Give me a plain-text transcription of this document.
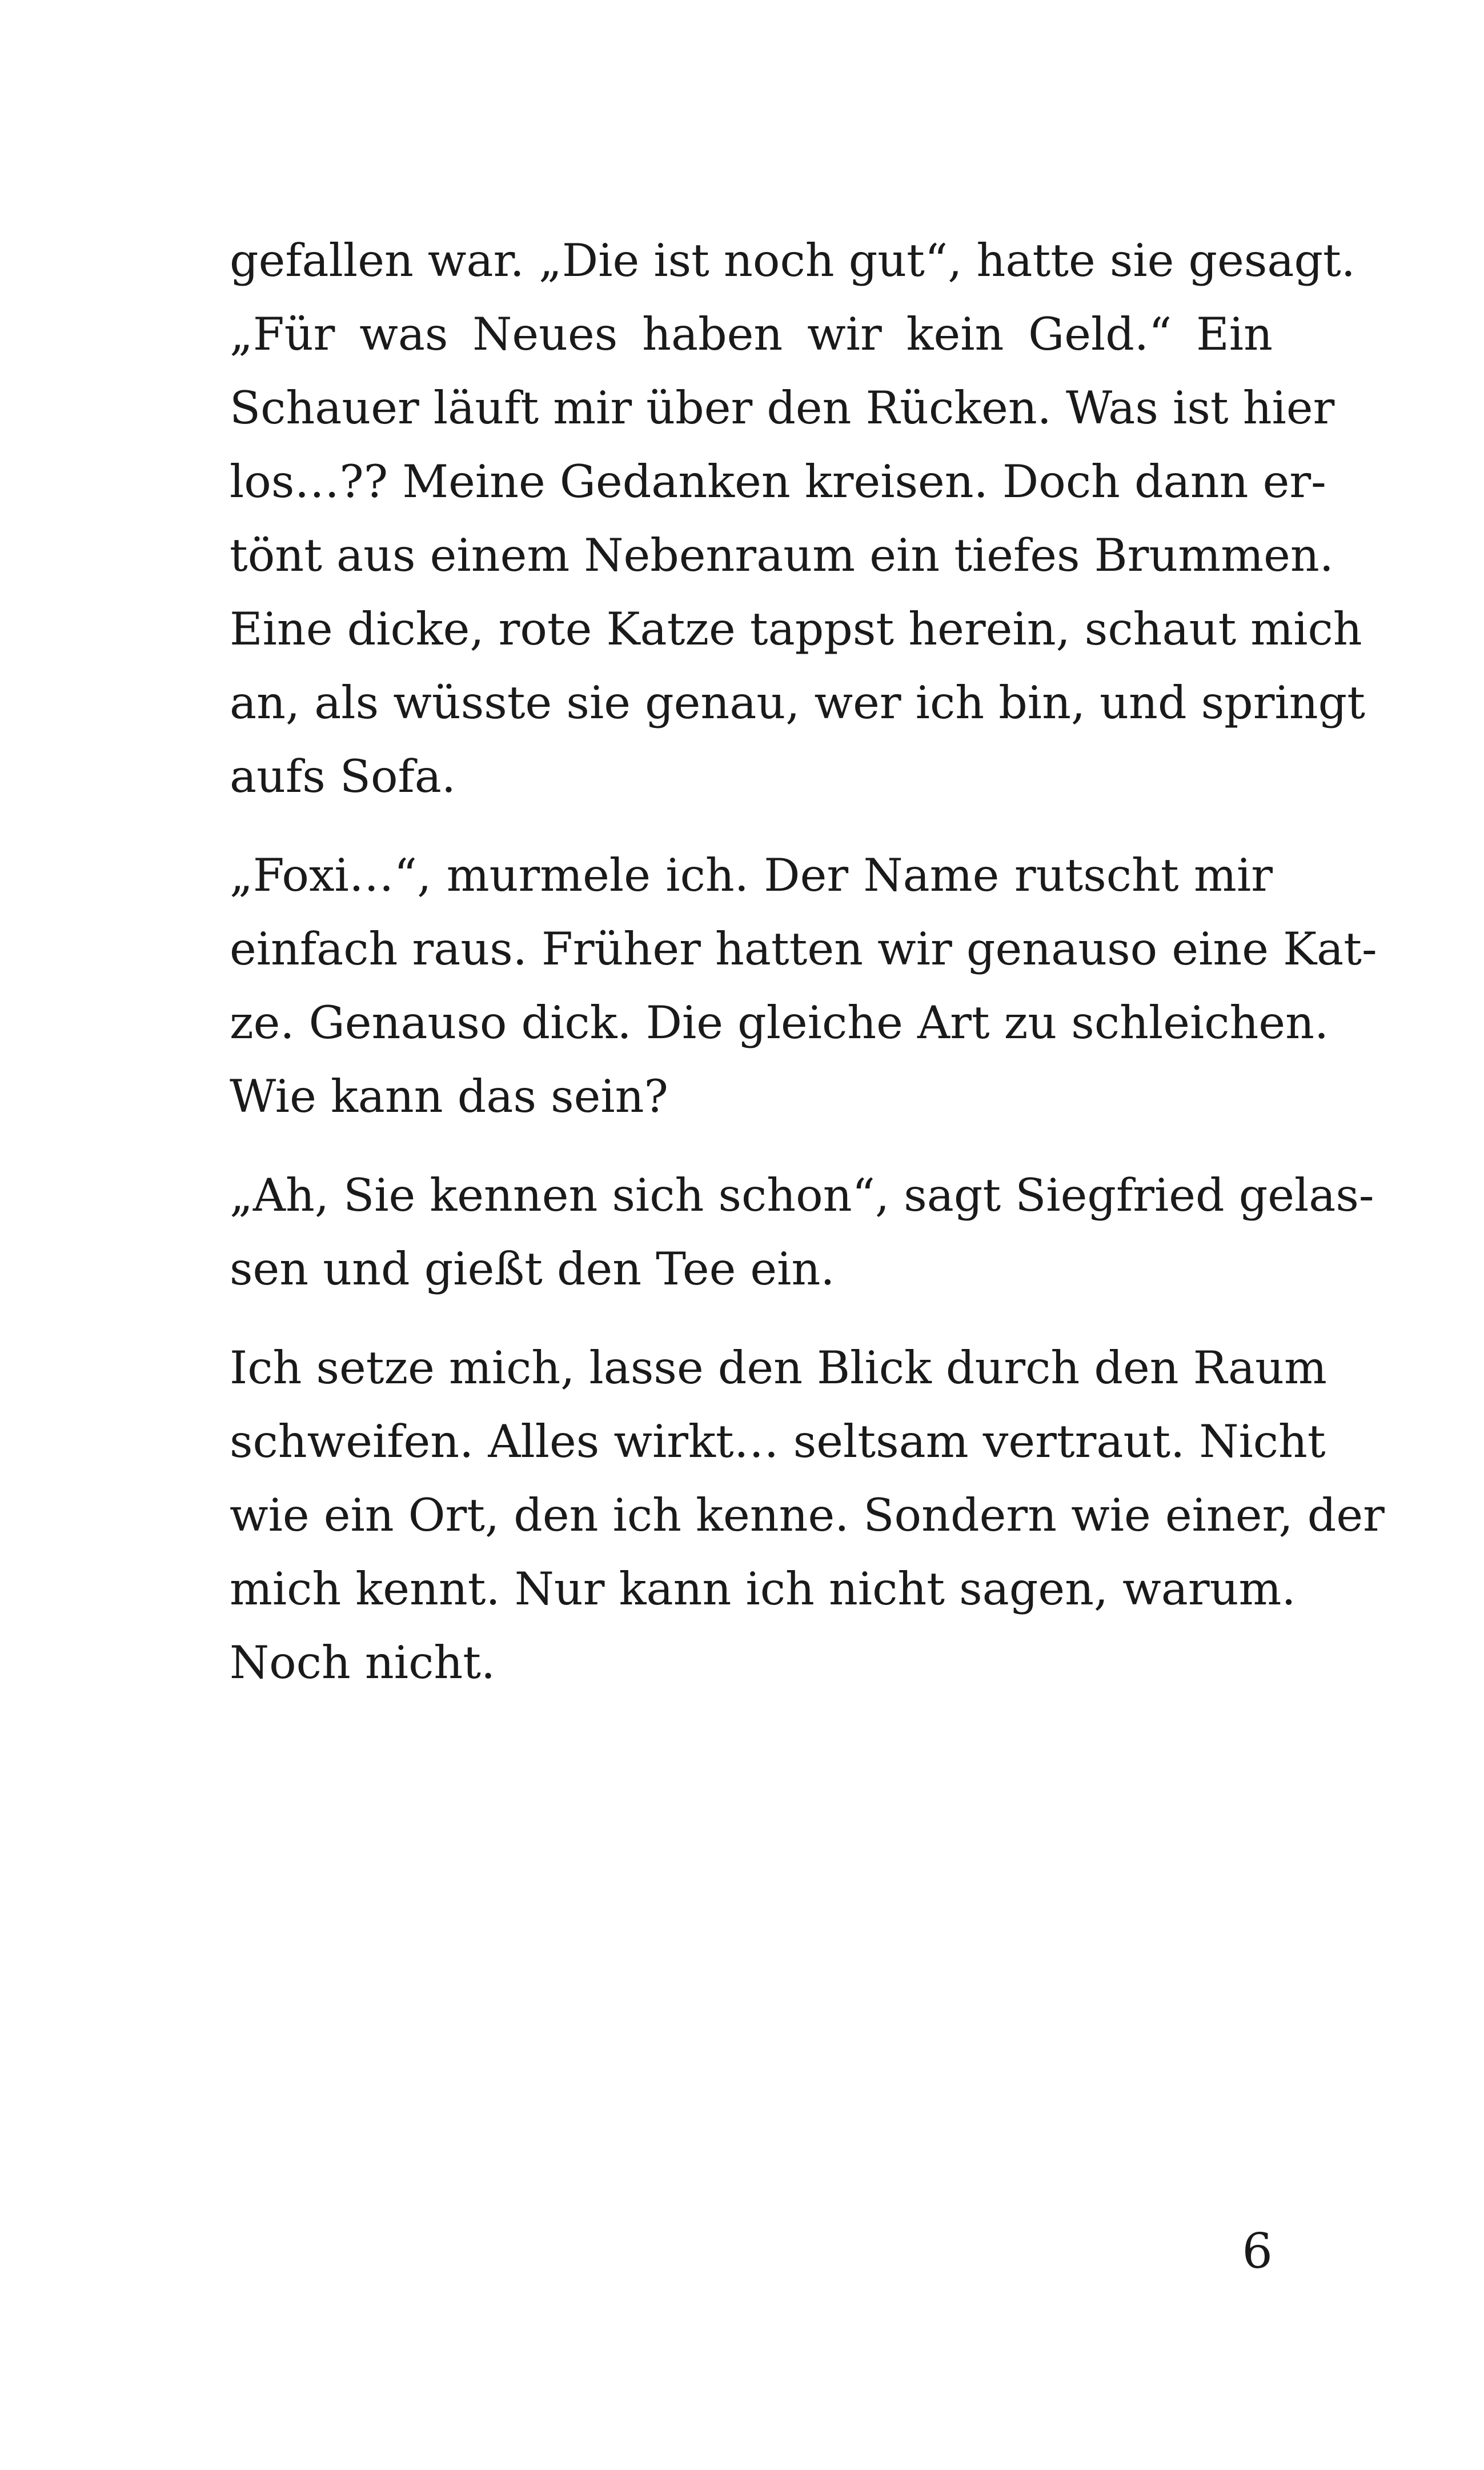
gefallen war. „Die ist noch gut“, hatte sie gesagt.
„Für was Neues haben wir kein Geld.“ Ein
Schauer läuft mir über den Rücken. Was ist hier
los…?? Meine Gedanken kreisen. Doch dann er-
tönt aus einem Nebenraum ein tiefes Brummen.
Eine dicke, rote Katze tappst herein, schaut mich
an, als wüsste sie genau, wer ich bin, und springt
aufs Sofa.

„Foxi…“, murmele ich. Der Name rutscht mir
einfach raus. Früher hatten wir genauso eine Kat-
ze. Genauso dick. Die gleiche Art zu schleichen.
Wie kann das sein?

„Ah, Sie kennen sich schon“, sagt Siegfried gelas-
sen und gießt den Tee ein.

Ich setze mich, lasse den Blick durch den Raum
schweifen. Alles wirkt… seltsam vertraut. Nicht
wie ein Ort, den ich kenne. Sondern wie einer, der
mich kennt. Nur kann ich nicht sagen, warum.
Noch nicht.

6
